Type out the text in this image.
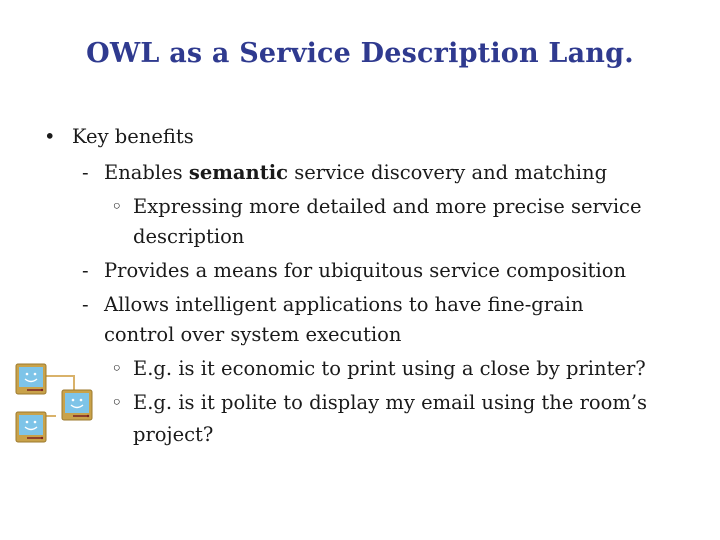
OWL as a Service Description Lang.
• Key benefits
- Enables semantic service discovery and matching
◦ Expressing more detailed and more precise service
description
- Provides a means for ubiquitous service composition
- Allows intelligent applications to have fine-grain
control over system execution
◦ E.g. is it economic to print using a close by printer?
◦ E.g. is it polite to display my email using the room’s
project?
